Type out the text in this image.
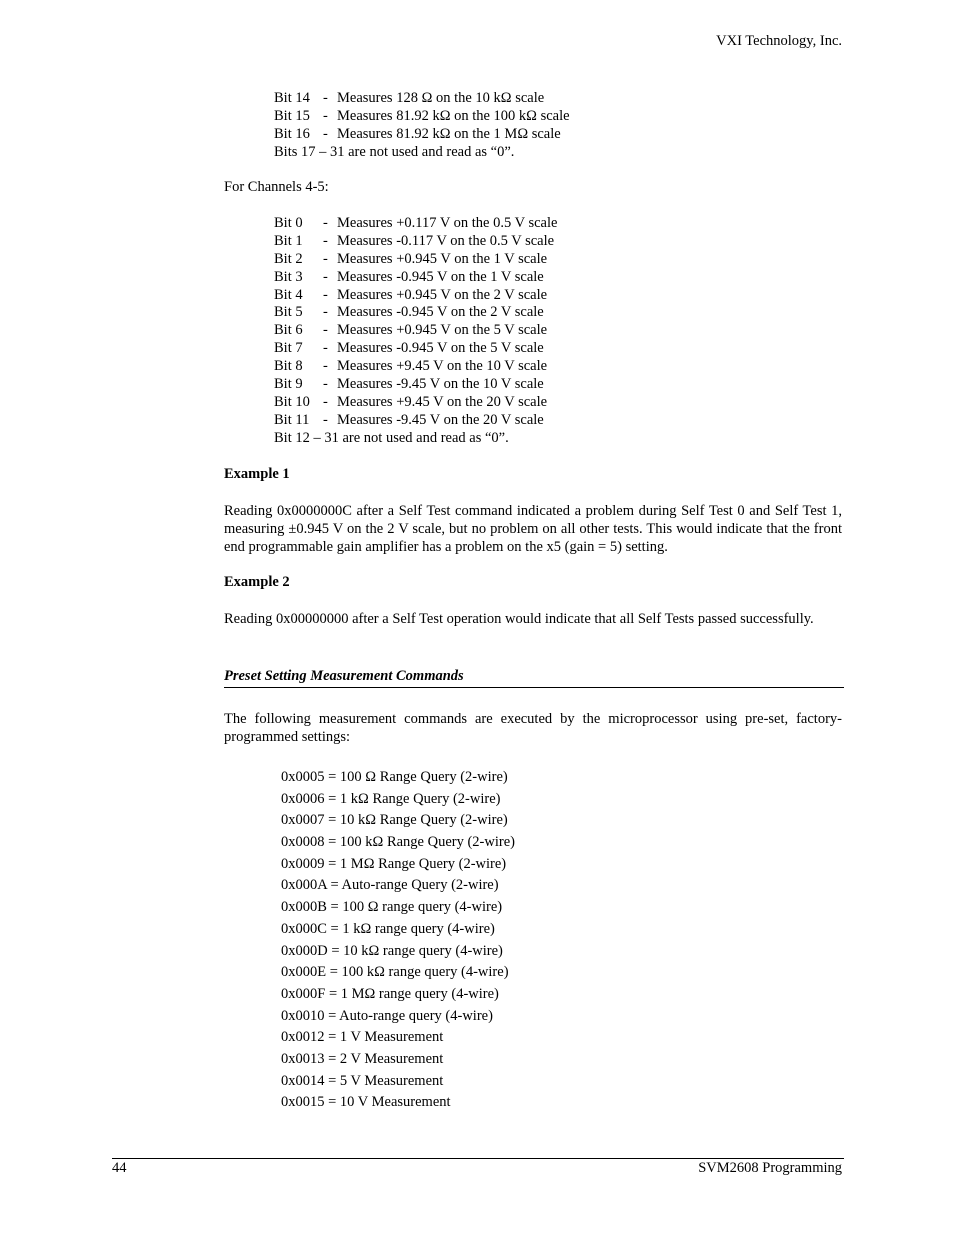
VXI Technology, Inc.
Bit 14 - Measures 128 Ω on the 10 kΩ scale
Bit 15 - Measures 81.92 kΩ on the 100 kΩ scale
Bit 16 - Measures 81.92 kΩ on the 1 MΩ scale
Bits 17 – 31 are not used and read as “0”.
For Channels 4-5:
Bit 0 - Measures +0.117 V on the 0.5 V scale
Bit 1 - Measures -0.117 V on the 0.5 V scale
Bit 2 - Measures +0.945 V on the 1 V scale
Bit 3 - Measures -0.945 V on the 1 V scale
Bit 4 - Measures +0.945 V on the 2 V scale
Bit 5 - Measures -0.945 V on the 2 V scale
Bit 6 - Measures +0.945 V on the 5 V scale
Bit 7 - Measures -0.945 V on the 5 V scale
Bit 8 - Measures +9.45 V on the 10 V scale
Bit 9 - Measures -9.45 V on the 10 V scale
Bit 10 - Measures +9.45 V on the 20 V scale
Bit 11 - Measures -9.45 V on the 20 V scale
Bit 12 – 31 are not used and read as “0”.
Example 1
Reading 0x0000000C after a Self Test command indicated a problem during Self Test 0 and Self Test 1, measuring ±0.945 V on the 2 V scale, but no problem on all other tests. This would indicate that the front end programmable gain amplifier has a problem on the x5 (gain = 5) setting.
Example 2
Reading 0x00000000 after a Self Test operation would indicate that all Self Tests passed successfully.
Preset Setting Measurement Commands
The following measurement commands are executed by the microprocessor using pre-set, factory-programmed settings:
0x0005 = 100 Ω Range Query (2-wire)
0x0006 = 1 kΩ Range Query (2-wire)
0x0007 = 10 kΩ Range Query (2-wire)
0x0008 = 100 kΩ Range Query (2-wire)
0x0009 = 1 MΩ Range Query (2-wire)
0x000A = Auto-range Query (2-wire)
0x000B = 100 Ω range query (4-wire)
0x000C = 1 kΩ range query (4-wire)
0x000D = 10 kΩ range query (4-wire)
0x000E = 100 kΩ range query (4-wire)
0x000F = 1 MΩ range query (4-wire)
0x0010 = Auto-range query (4-wire)
0x0012 = 1 V Measurement
0x0013 = 2 V Measurement
0x0014 = 5 V Measurement
0x0015 = 10 V Measurement
44	SVM2608 Programming
